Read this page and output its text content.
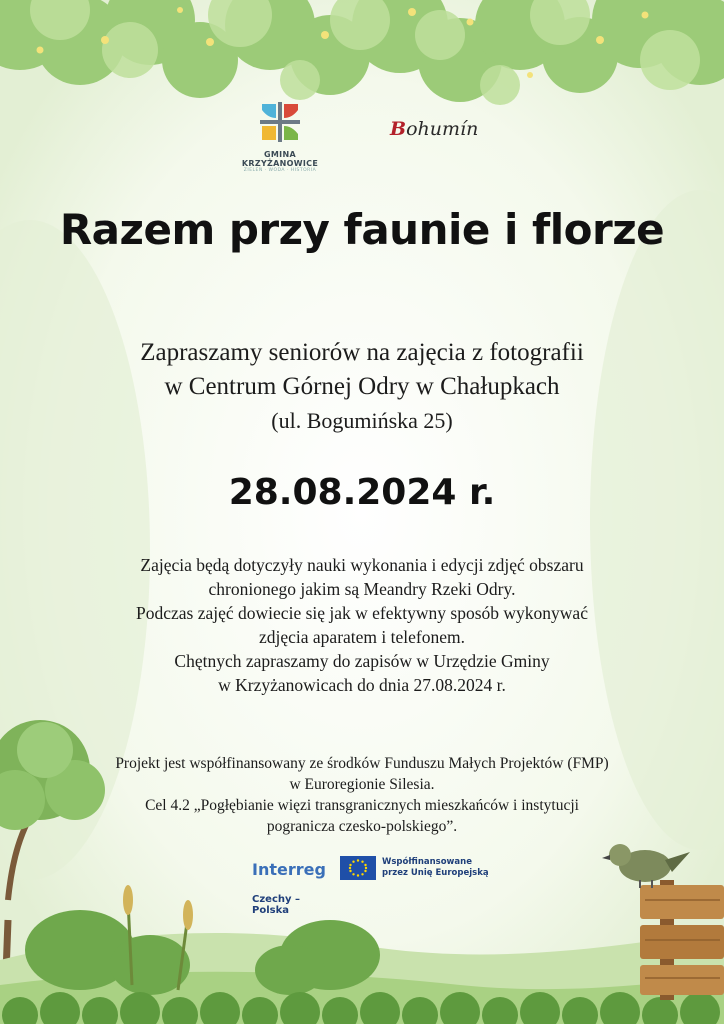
GMINA KRZYŻANOWICE
ZIELEŃ · WODA · HISTORIA
Bohumín
Razem przy faunie i florze
Zapraszamy seniorów na zajęcia z fotografii
w Centrum Górnej Odry w Chałupkach
(ul. Bogumińska 25)
28.08.2024 r.
Zajęcia będą dotyczyły nauki wykonania i edycji zdjęć obszaru
chronionego jakim są Meandry Rzeki Odry.
Podczas zajęć dowiecie się jak w efektywny sposób wykonywać
zdjęcia aparatem i telefonem.
Chętnych zapraszamy do zapisów w Urzędzie Gminy
w Krzyżanowicach do dnia 27.08.2024 r.
Projekt jest współfinansowany ze środków Funduszu Małych Projektów (FMP)
w Euroregionie Silesia.
Cel 4.2 „Pogłębianie więzi transgranicznych mieszkańców i instytucji
pogranicza czesko-polskiego”.
Interreg
Czechy – Polska
Współfinansowane
przez Unię Europejską
